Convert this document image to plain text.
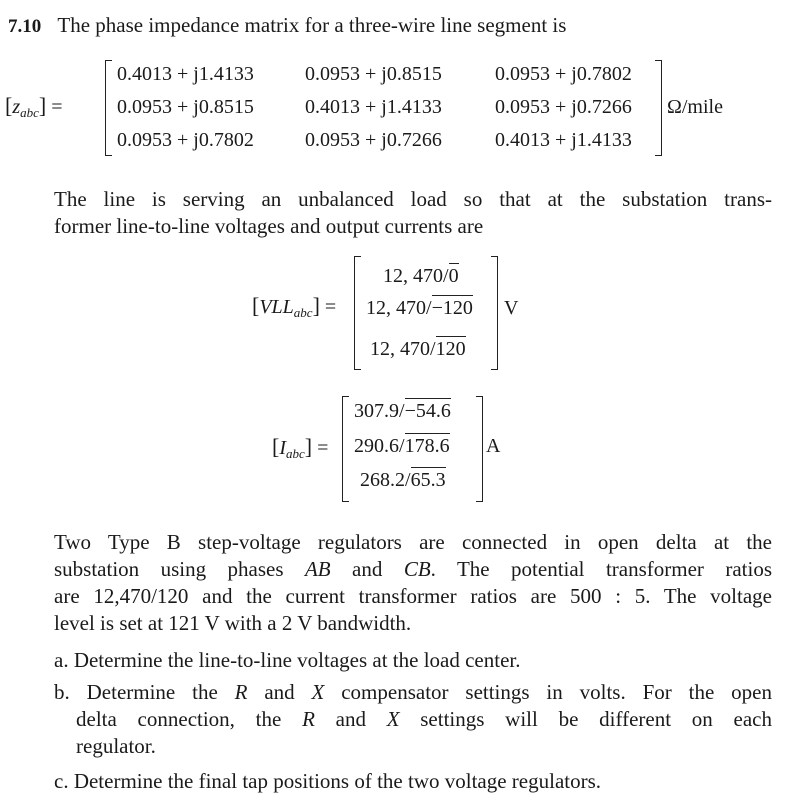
7.10 The phase impedance matrix for a three-wire line segment is
$[z_{abc}]$ =
0.4013 + j1.4133	0.0953 + j0.8515	0.0953 + j0.7802
0.0953 + j0.8515	0.4013 + j1.4133	0.0953 + j0.7266
0.0953 + j0.7802	0.0953 + j0.7266	0.4013 + j1.4133
Ω/mile
The line is serving an unbalanced load so that at the substation trans-
former line-to-line voltages and output currents are
$[VLL_{abc}]$ =
12, 470/0
12, 470/−120
12, 470/120
V
$[I_{abc}]$ =
307.9/−54.6
290.6/178.6
268.2/65.3
A
Two Type B step-voltage regulators are connected in open delta at the
substation using phases AB and CB. The potential transformer ratios
are 12,470/120 and the current transformer ratios are 500 : 5. The voltage
level is set at 121 V with a 2 V bandwidth.
a. Determine the line-to-line voltages at the load center.
b. Determine the R and X compensator settings in volts. For the open
delta connection, the R and X settings will be different on each
regulator.
c. Determine the final tap positions of the two voltage regulators.
